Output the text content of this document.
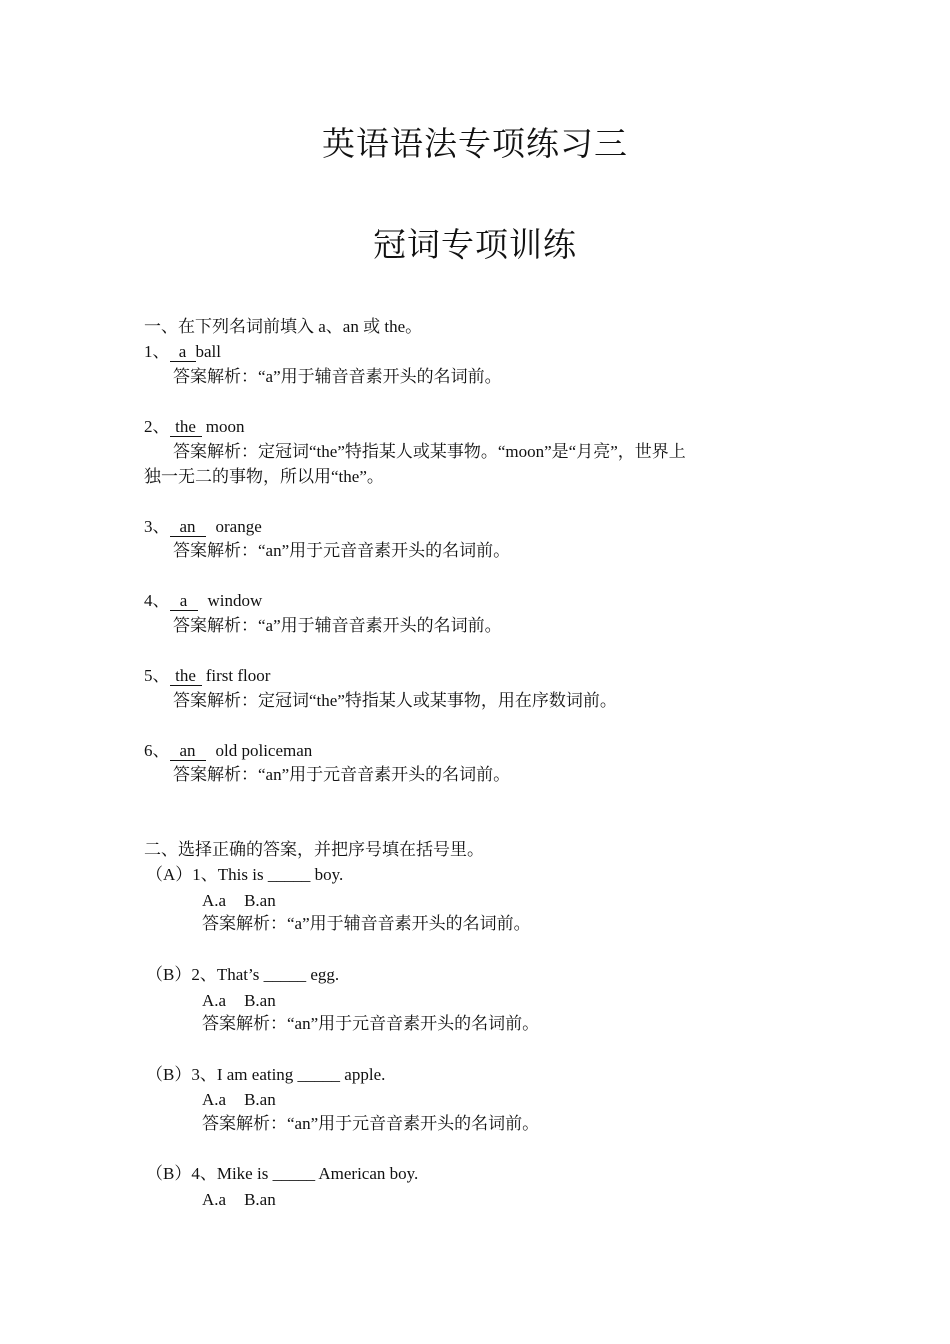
英语语法专项练习三
冠词专项训练
一、在下列名词前填入 a、an 或 the。
1、 a ball
答案解析：“a”用于辅音音素开头的名词前。
2、 the moon
答案解析：定冠词“the”特指某人或某事物。“moon”是“月亮”，世界上
独一无二的事物，所以用“the”。
3、 an orange
答案解析：“an”用于元音音素开头的名词前。
4、 a window
答案解析：“a”用于辅音音素开头的名词前。
5、 the first floor
答案解析：定冠词“the”特指某人或某事物，用在序数词前。
6、 an old policeman
答案解析：“an”用于元音音素开头的名词前。
二、选择正确的答案，并把序号填在括号里。
（A）1、This is _____ boy.
A.a B.an
答案解析：“a”用于辅音音素开头的名词前。
（B）2、That’s _____ egg.
A.a B.an
答案解析：“an”用于元音音素开头的名词前。
（B）3、I am eating _____ apple.
A.a B.an
答案解析：“an”用于元音音素开头的名词前。
（B）4、Mike is _____ American boy.
A.a B.an
